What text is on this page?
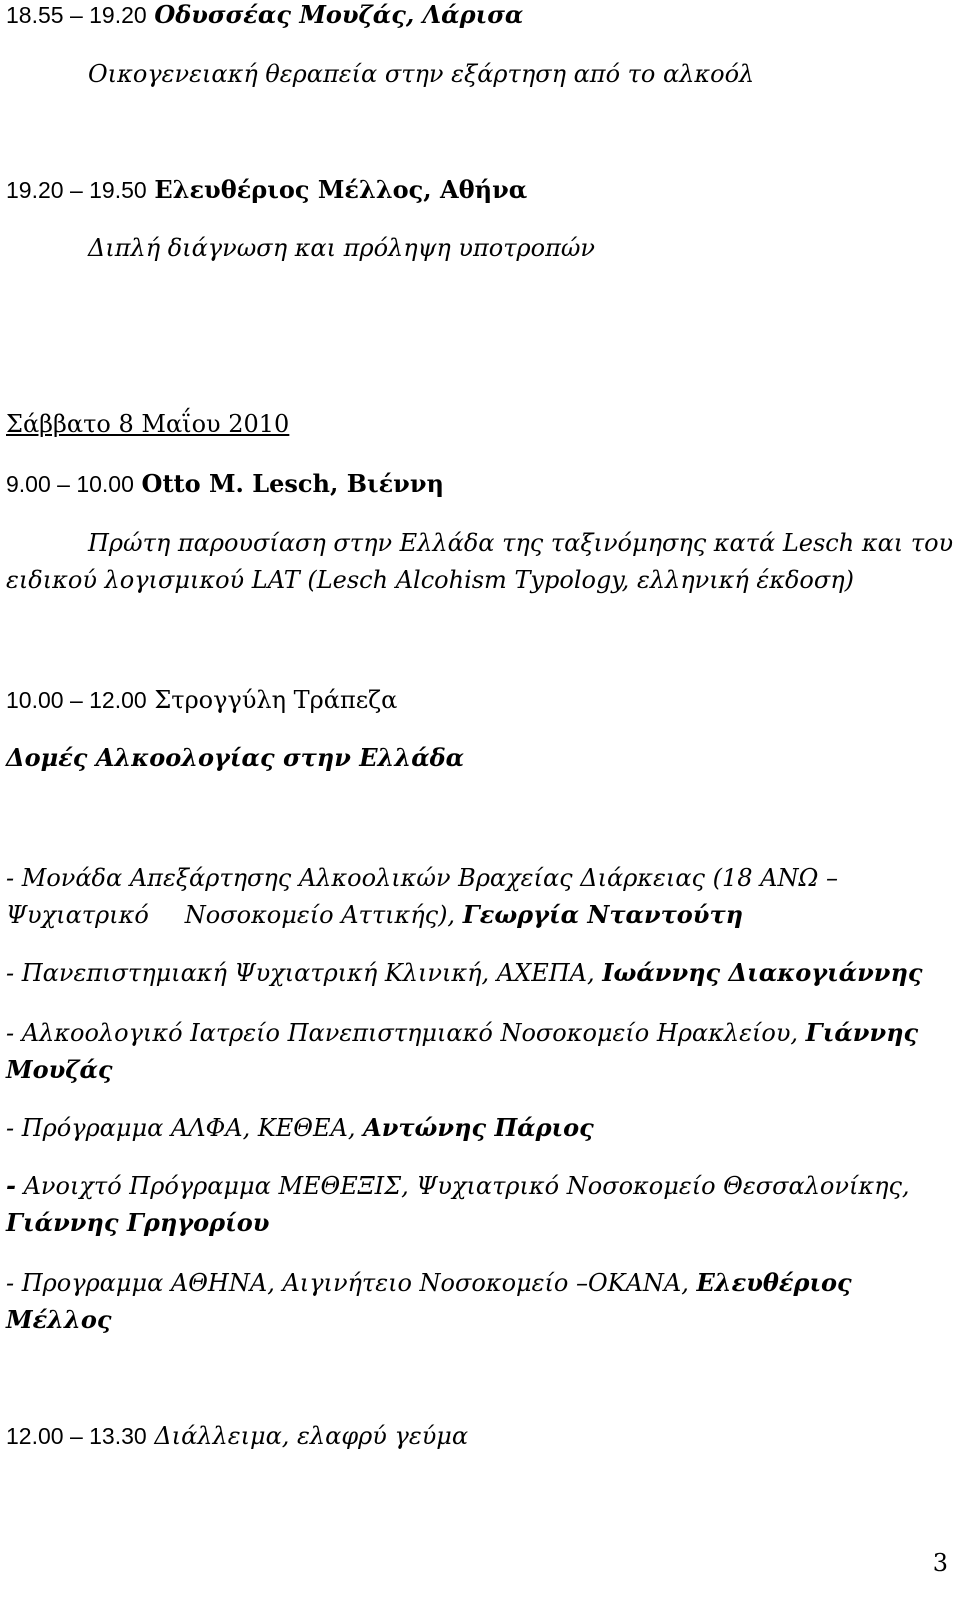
18.55 – 19.20 Οδυσσέας Μουζάς, Λάρισα
Οικογενειακή θεραπεία στην εξάρτηση από το αλκοόλ
19.20 – 19.50 Ελευθέριος Μέλλος, Αθήνα
Διπλή διάγνωση και πρόληψη υποτροπών
Σάββατο 8 Μαΐου 2010
9.00 – 10.00 Otto M. Lesch, Βιέννη
Πρώτη παρουσίαση στην Ελλάδα της ταξινόμησης κατά Lesch και του
ειδικού λογισμικού LAT (Lesch Alcohism Typology, ελληνική έκδοση)
10.00 – 12.00 Στρογγύλη Τράπεζα
Δομές Αλκοολογίας στην Ελλάδα
- Μονάδα Απεξάρτησης Αλκοολικών Βραχείας Διάρκειας (18 ΑΝΩ –
Ψυχιατρικό Νοσοκομείο Αττικής), Γεωργία Νταντούτη
- Πανεπιστημιακή Ψυχιατρική Κλινική, ΑΧΕΠΑ, Ιωάννης Διακογιάννης
- Αλκοολογικό Ιατρείο Πανεπιστημιακό Νοσοκομείο Ηρακλείου, Γιάννης
Μουζάς
- Πρόγραμμα ΑΛΦΑ, ΚΕΘΕΑ, Αντώνης Πάριος
- Ανοιχτό Πρόγραμμα ΜΕΘΕΞΙΣ, Ψυχιατρικό Νοσοκομείο Θεσσαλονίκης,
Γιάννης Γρηγορίου
- Προγραμμα ΑΘΗΝΑ, Αιγινήτειο Νοσοκομείο –ΟΚΑΝΑ, Ελευθέριος
Μέλλος
12.00 – 13.30 Διάλλειμα, ελαφρύ γεύμα
3
